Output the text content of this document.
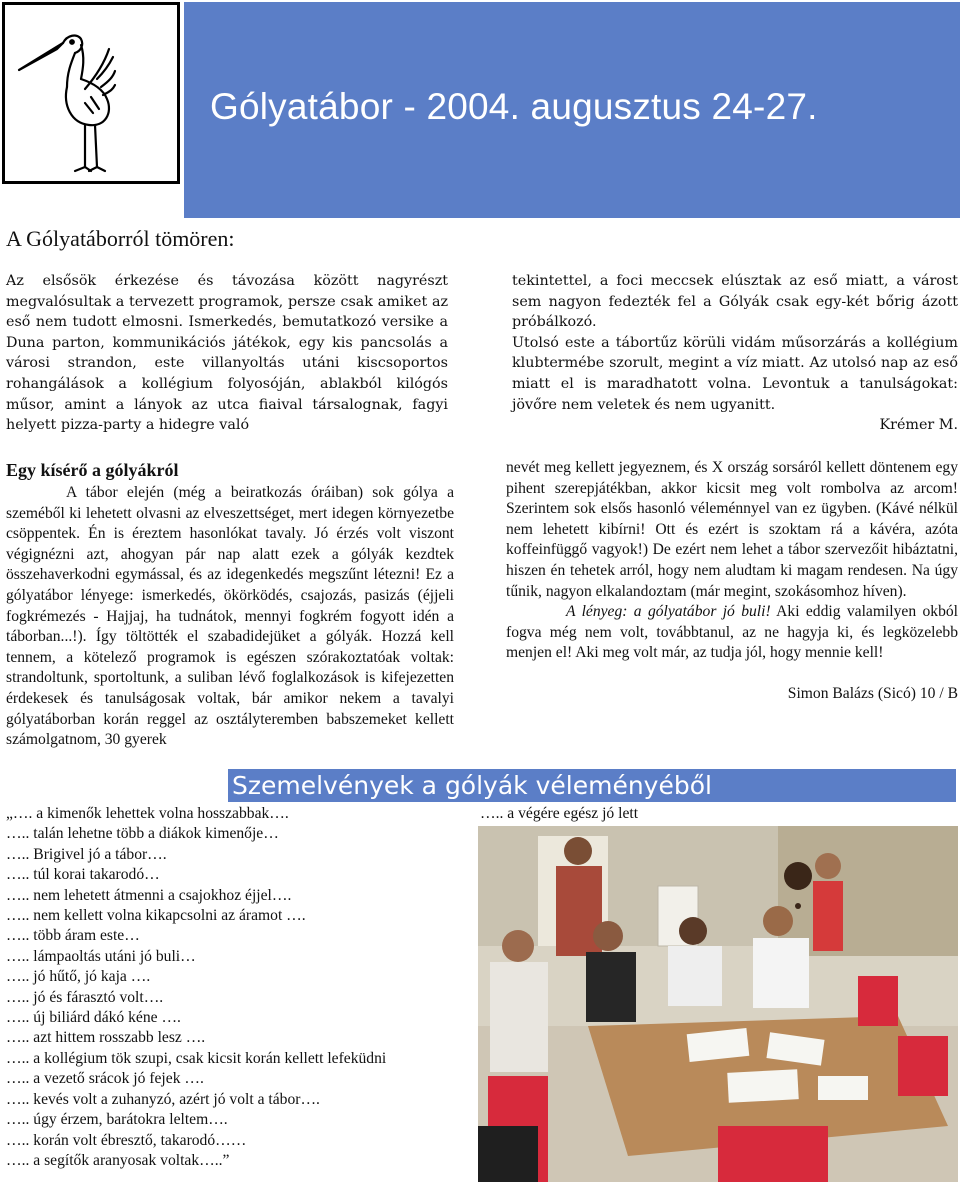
Gólyatábor - 2004. augusztus 24-27.
A Gólyatáborról tömören:

Az elsősök érkezése és távozása között nagyrészt megvalósultak a tervezett programok, persze csak amiket az eső nem tudott elmosni. Ismerkedés, bemutatkozó versike a Duna parton, kommunikációs játékok, egy kis pancsolás a városi strandon, este villanyoltás utáni kiscsoportos rohangálások a kollégium folyosóján, ablakból kilógós műsor, amint a lányok az utca fiaival társalognak, fagyi helyett pizza-party a hidegre való

tekintettel, a foci meccsek elúsztak az eső miatt, a várost sem nagyon fedezték fel a Gólyák csak egy-két bőrig ázott próbálkozó.

Utolsó este a tábortűz körüli vidám műsorzárás a kollégium klubtermébe szorult, megint a víz miatt. Az utolsó nap az eső miatt el is maradhatott volna. Levontuk a tanulságokat: jövőre nem veletek és nem ugyanitt.

Krémer M.

Egy kísérő a gólyákról

A tábor elején (még a beiratkozás óráiban) sok gólya a szeméből ki lehetett olvasni az elveszettséget, mert idegen környezetbe csöppentek. Én is éreztem hasonlókat tavaly. Jó érzés volt viszont végignézni azt, ahogyan pár nap alatt ezek a gólyák kezdtek összehaverkodni egymással, és az idegenkedés megszűnt létezni! Ez a gólyatábor lényege: ismerkedés, ökörködés, csajozás, pasizás (éjjeli fogkrémezés - Hajjaj, ha tudnátok, mennyi fogkrém fogyott idén a táborban...!). Így töltötték el szabadidejüket a gólyák. Hozzá kell tennem, a kötelező programok is egészen szórakoztatóak voltak: strandoltunk, sportoltunk, a suliban lévő foglalkozások is kifejezetten érdekesek és tanulságosak voltak, bár amikor nekem a tavalyi gólyatáborban korán reggel az osztályteremben babszemeket kellett számolgatnom, 30 gyerek

nevét meg kellett jegyeznem, és X ország sorsáról kellett döntenem egy pihent szerepjátékban, akkor kicsit meg volt rombolva az arcom! Szerintem sok elsős hasonló véleménnyel van ez ügyben. (Kávé nélkül nem lehetett kibírni! Ott és ezért is szoktam rá a kávéra, azóta koffeinfüggő vagyok!) De ezért nem lehet a tábor szervezőit hibáztatni, hiszen én tehetek arról, hogy nem aludtam ki magam rendesen. Na úgy tűnik, nagyon elkalandoztam (már megint, szokásomhoz híven).

A lényeg: a gólyatábor jó buli! Aki eddig valamilyen okból fogva még nem volt, továbbtanul, az ne hagyja ki, és legközelebb menjen el! Aki meg volt már, az tudja jól, hogy mennie kell!

Simon Balázs (Sicó) 10 / B

Szemelvények a gólyák véleményéből
„…. a kimenők lehettek volna hosszabbak….
….. talán lehetne több a diákok kimenője…
….. Brigivel jó a tábor….
….. túl korai takarodó…
….. nem lehetett átmenni a csajokhoz éjjel….
….. nem kellett volna kikapcsolni az áramot ….
….. több áram este…
….. lámpaoltás utáni jó buli…
….. jó hűtő, jó kaja ….
….. jó és fárasztó volt….
….. új biliárd dákó kéne ….
….. azt hittem rosszabb lesz ….
….. a kollégium tök szupi, csak kicsit korán kellett lefeküdni
….. a vezető srácok jó fejek ….
….. kevés volt a zuhanyzó, azért jó volt a tábor….
….. úgy érzem, barátokra leltem….
….. korán volt ébresztő, takarodó……
….. a segítők aranyosak voltak…..”
….. a végére egész jó lett
